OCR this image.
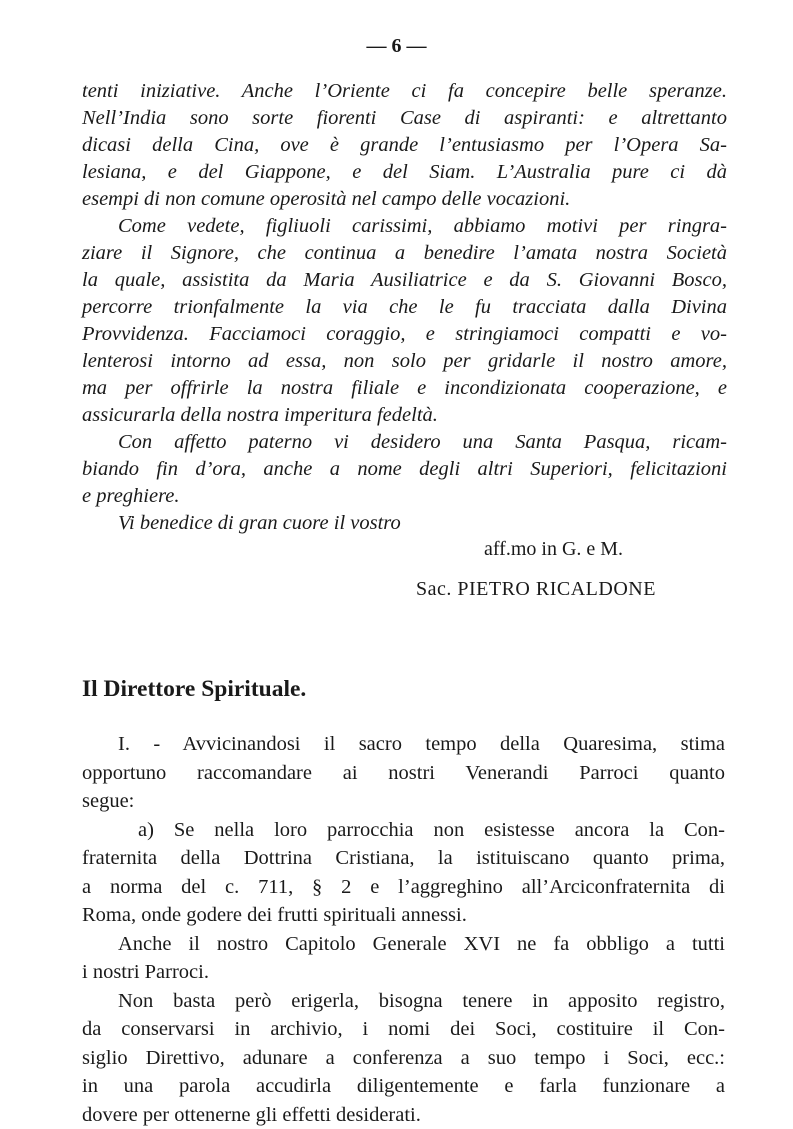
— 6 —
tenti iniziative. Anche l’Oriente ci fa concepire belle speranze.
Nell’India sono sorte fiorenti Case di aspiranti: e altrettanto
dicasi della Cina, ove è grande l’entusiasmo per l’Opera Sa-
lesiana, e del Giappone, e del Siam. L’Australia pure ci dà
esempi di non comune operosità nel campo delle vocazioni.
Come vedete, figliuoli carissimi, abbiamo motivi per ringra-
ziare il Signore, che continua a benedire l’amata nostra Società
la quale, assistita da Maria Ausiliatrice e da S. Giovanni Bosco,
percorre trionfalmente la via che le fu tracciata dalla Divina
Provvidenza. Facciamoci coraggio, e stringiamoci compatti e vo-
lenterosi intorno ad essa, non solo per gridarle il nostro amore,
ma per offrirle la nostra filiale e incondizionata cooperazione, e
assicurarla della nostra imperitura fedeltà.
Con affetto paterno vi desidero una Santa Pasqua, ricam-
biando fin d’ora, anche a nome degli altri Superiori, felicitazioni
e preghiere.
Vi benedice di gran cuore il vostro
aff.mo in G. e M.
Sac. PIETRO RICALDONE
Il Direttore Spirituale.
I. - Avvicinandosi il sacro tempo della Quaresima, stima
opportuno raccomandare ai nostri Venerandi Parroci quanto
segue:
a) Se nella loro parrocchia non esistesse ancora la Con-
fraternita della Dottrina Cristiana, la istituiscano quanto prima,
a norma del c. 711, § 2 e l’aggreghino all’Arciconfraternita di
Roma, onde godere dei frutti spirituali annessi.
Anche il nostro Capitolo Generale XVI ne fa obbligo a tutti
i nostri Parroci.
Non basta però erigerla, bisogna tenere in apposito registro,
da conservarsi in archivio, i nomi dei Soci, costituire il Con-
siglio Direttivo, adunare a conferenza a suo tempo i Soci, ecc.:
in una parola accudirla diligentemente e farla funzionare a
dovere per ottenerne gli effetti desiderati.
